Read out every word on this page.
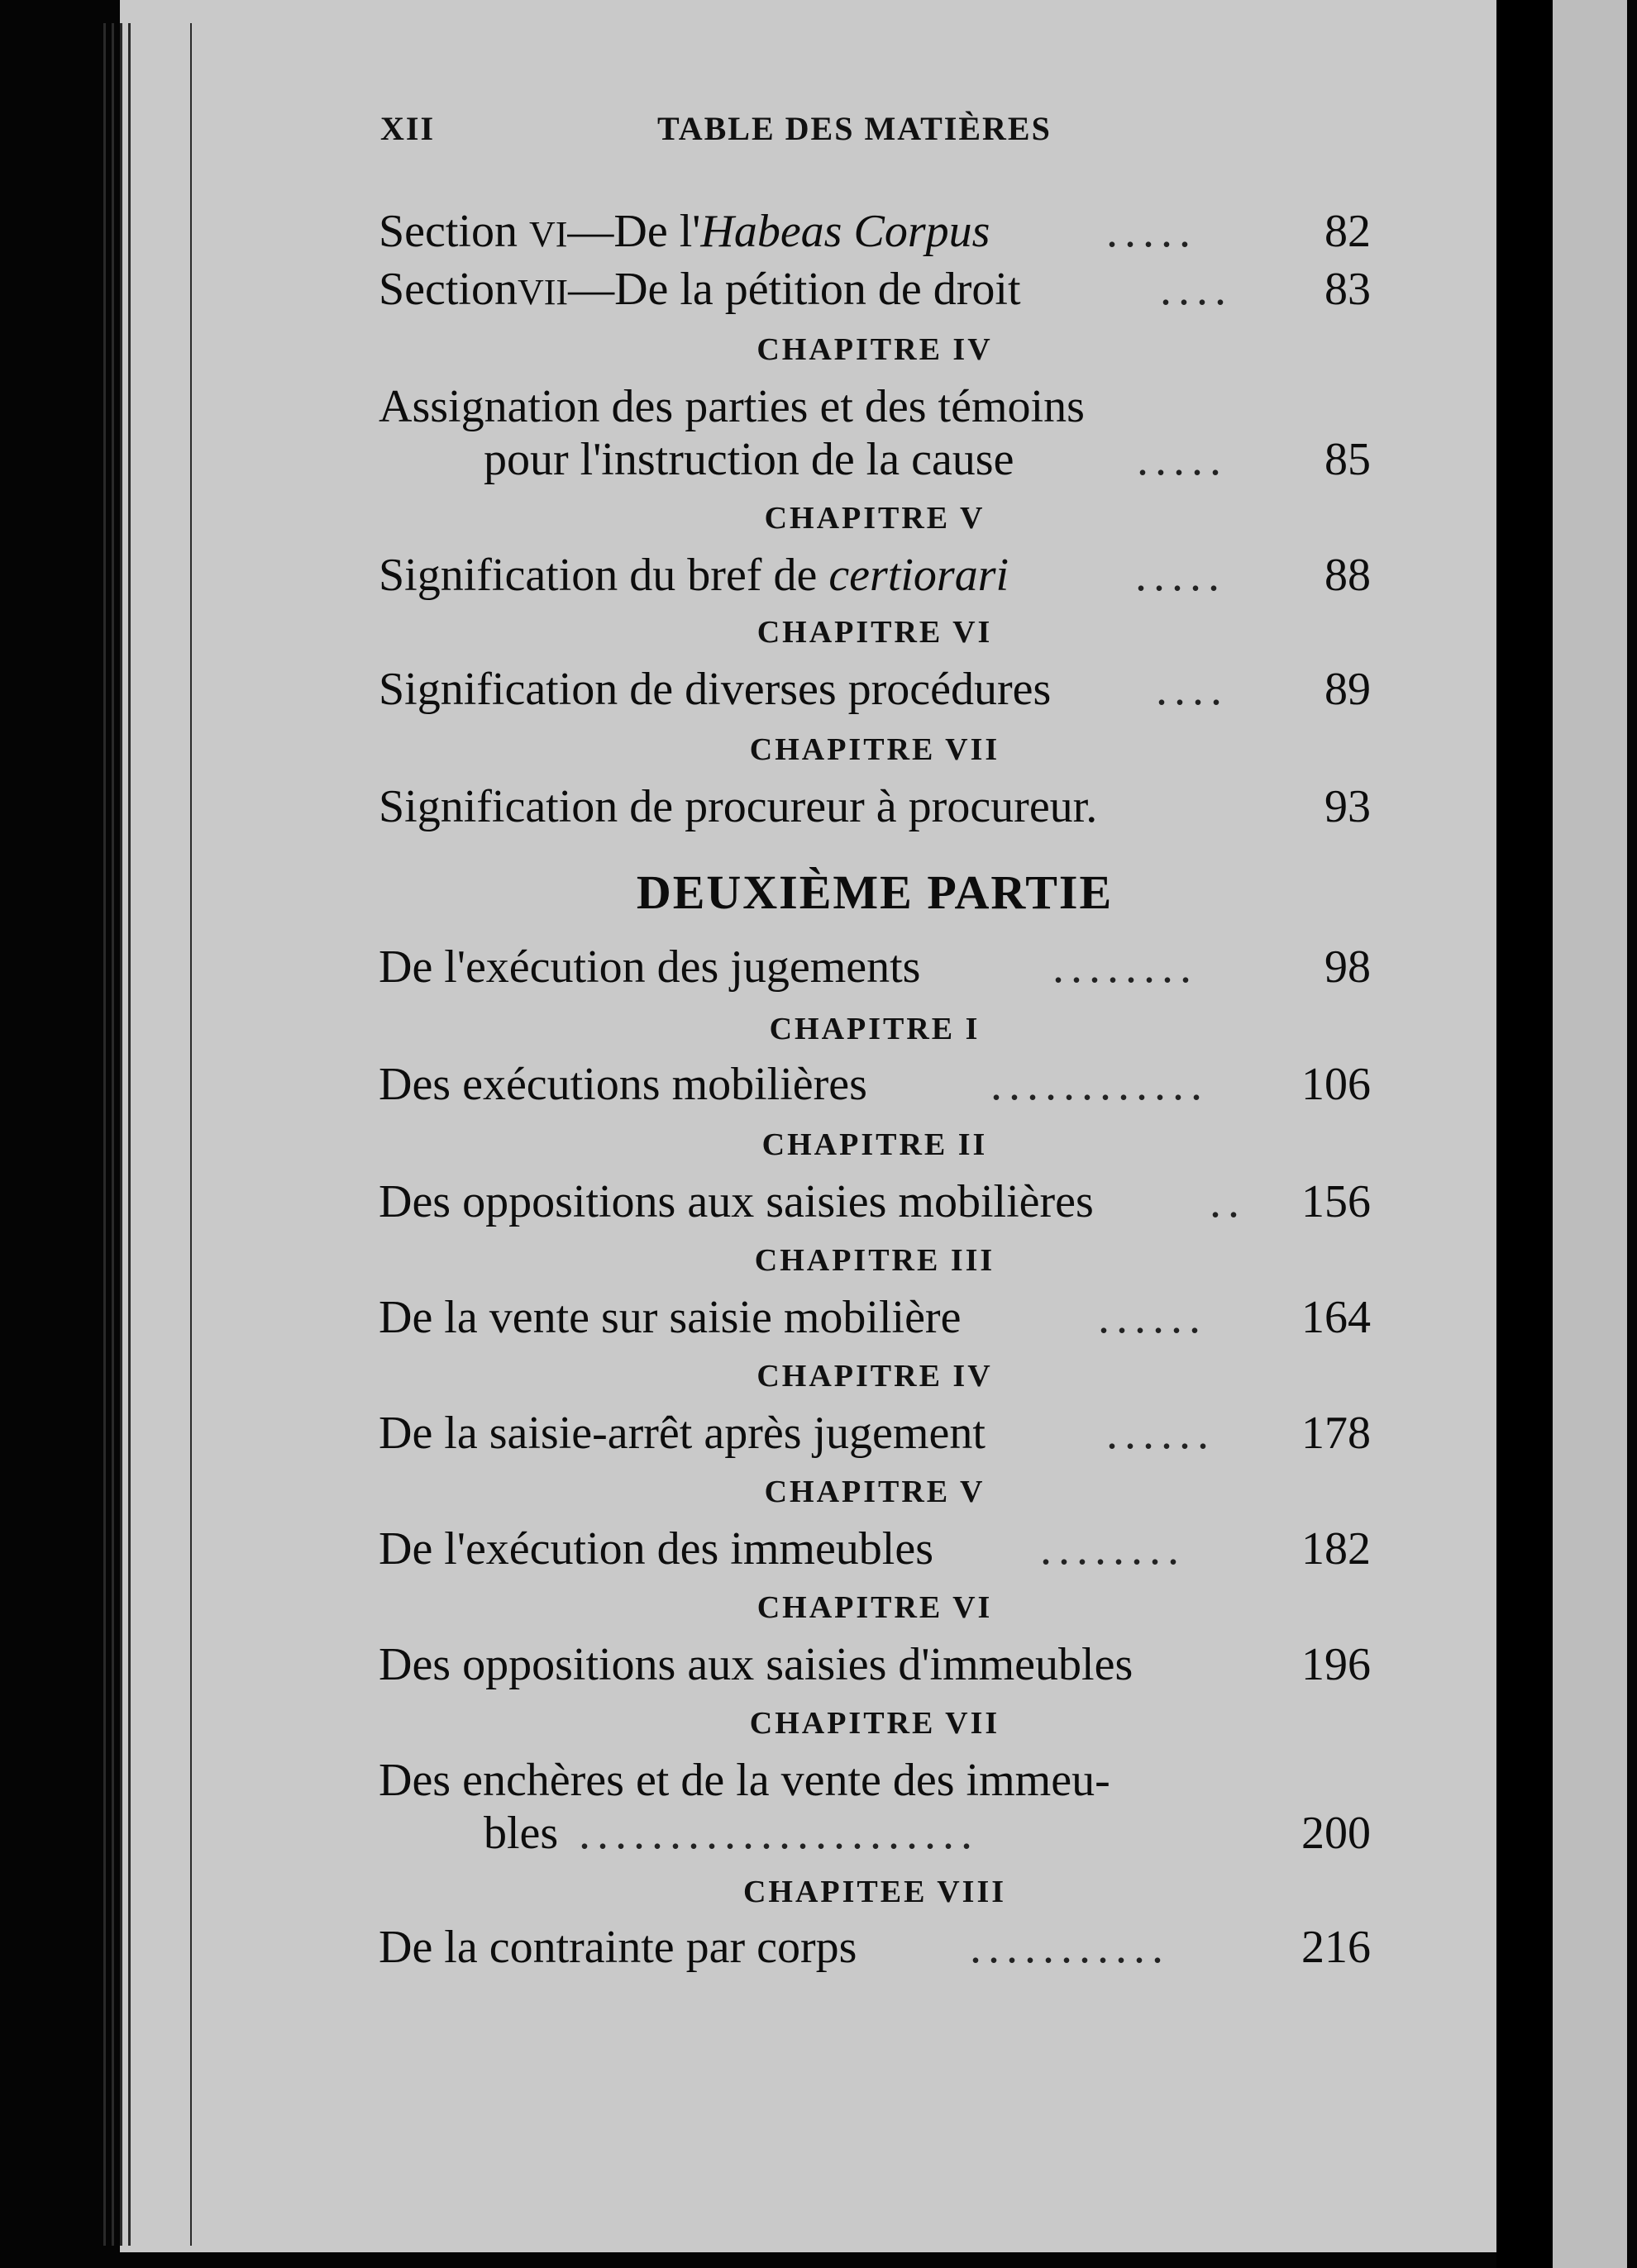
XII	TABLE DES MATIÈRES
Section VI—De l'Habeas Corpus	.....	82
SectionVII—De la pétition de droit	.... 83
CHAPITRE IV
Assignation des parties et des témoins
pour l'instruction de la cause	..... 85
CHAPITRE V
Signification du bref de certiorari	..... 88
CHAPITRE VI
Signification de diverses procédures .... 89
CHAPITRE VII
Signification de procureur à procureur.	93
DEUXIÈME PARTIE
De l'exécution des jugements	........	98
CHAPITRE I
Des exécutions mobilières	............ 106
CHAPITRE II
Des oppositions aux saisies mobilières	.. 156
CHAPITRE III
De la vente sur saisie mobilière	...... 164
CHAPITRE IV
De la saisie-arrêt après jugement	...... 178
CHAPITRE V
De l'exécution des immeubles ........	182
CHAPITRE VI
Des oppositions aux saisies d'immeubles	196
CHAPITRE VII
Des enchères et de la vente des immeu-
bles ......................	200
CHAPITEE VIII
De la contrainte par corps ...........	216
